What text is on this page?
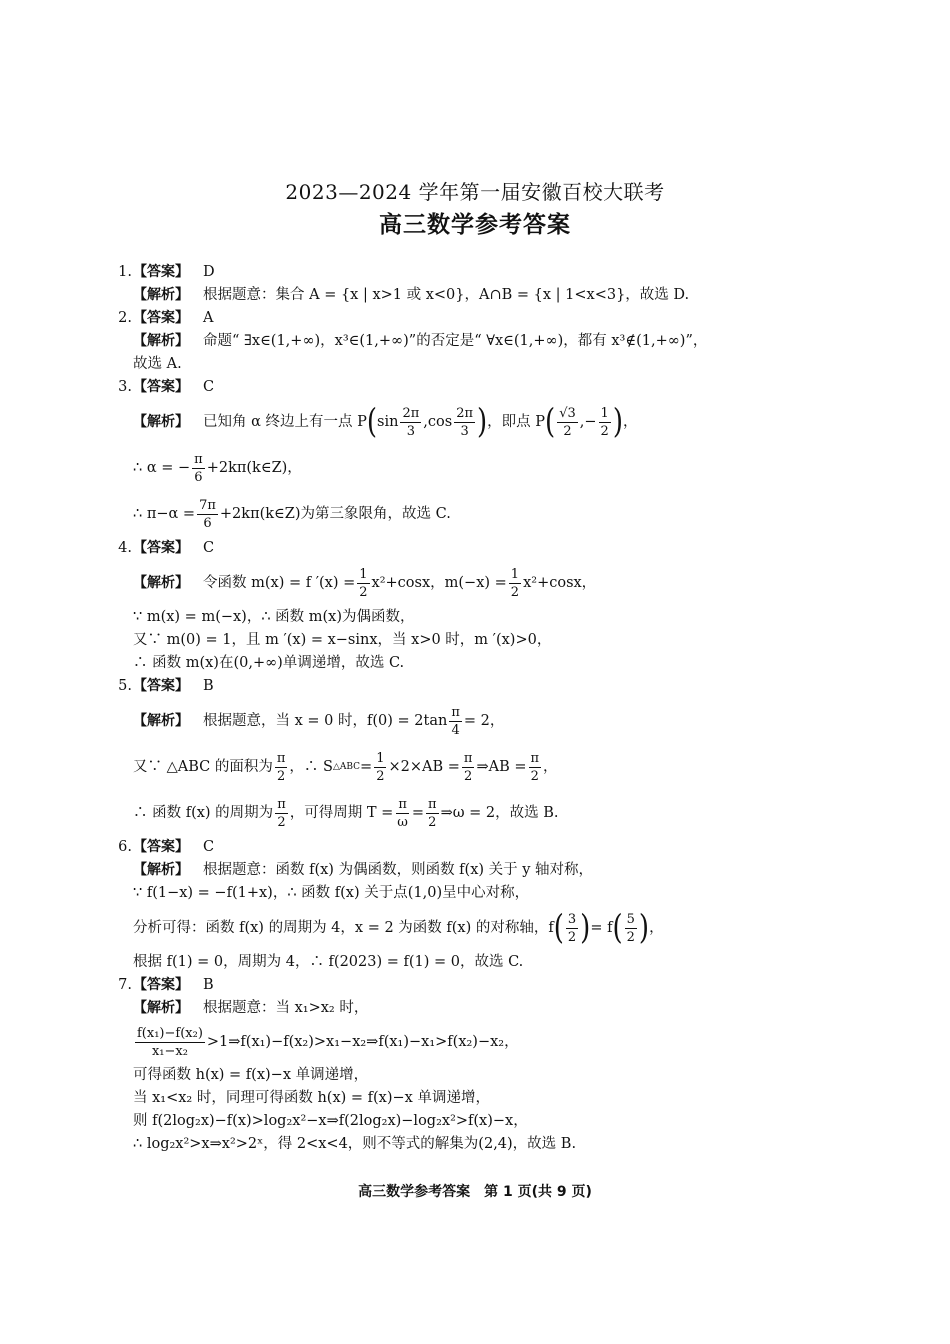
2023—2024 学年第一届安徽百校大联考
高三数学参考答案
1. 【答案】 D
【解析】 根据题意：集合 A = {x | x>1 或 x<0}，A∩B = {x | 1<x<3}，故选 D.
2. 【答案】 A
【解析】 命题“ ∃x∈(1,+∞)，x³∈(1,+∞)”的否定是“ ∀x∈(1,+∞)，都有 x³∉(1,+∞)”，
故选 A.
3. 【答案】 C
【解析】 已知角 α 终边上有一点 P ( $\sin \frac{2\pi}{3} ,\cos \frac{2\pi}{3}$ ) ，即点 P ( $\frac{√3}{2}$ ,− $\frac{1}{2}$ ) ，
∴ α = − $\frac{\pi}{6}$ +2kπ(k∈Z)，
∴ $\pi-\alpha = \frac{7\pi}{6}$ +2kπ(k∈Z)为第三象限角，故选 C.
4. 【答案】 C
【解析】 令函数 m(x) = f $'(x) = \frac{1}{2} x^2+\cos x$，$m(-x) = \frac{1}{2} x^2+\cos x$，
∵ m(x) = m(−x)，∴ 函数 m(x)为偶函数，
又∵ m(0) = 1，且 m ′(x) = x−sinx，当 x>0 时，m ′(x)>0，
∴ 函数 m(x)在(0,+∞)单调递增，故选 C.
5. 【答案】 B
【解析】 根据题意，当 x = 0 时，$f(0) = 2\tan \frac{\pi}{4} = 2$，
又∵ △ABC 的面积为 $\frac{\pi}{2}$ ，∴ S △ABC = $\frac{1}{2} \times 2\times AB = \frac{\pi}{2}$ ⇒AB = $\frac{\pi}{2}$ ，
∴ 函数 f(x) 的周期为 $\frac{\pi}{2}$ ，可得周期 $T = \frac{\pi}{\omega} = \frac{\pi}{2}$ ⇒ω = 2，故选 B.
6. 【答案】 C
【解析】 根据题意：函数 f(x) 为偶函数，则函数 f(x) 关于 y 轴对称，
∵ f(1−x) = −f(1+x)，∴ 函数 f(x) 关于点(1,0)呈中心对称，
分析可得：函数 f(x) 的周期为 4，x = 2 为函数 f(x) 的对称轴，f ( $\frac{3}{2}$ ) = f ( $\frac{5}{2}$ ) ，
根据 f(1) = 0，周期为 4，∴ f(2023) = f(1) = 0，故选 C.
7. 【答案】 B
【解析】 根据题意：当 x₁>x₂ 时，
$\frac{\text{f(x₁)−f(x₂)}}{\text{x₁−x₂}}$ >1⇒f(x₁)−f(x₂)>x₁−x₂⇒f(x₁)−x₁>f(x₂)−x₂，
可得函数 h(x) = f(x)−x 单调递增，
当 x₁<x₂ 时，同理可得函数 h(x) = f(x)−x 单调递增，
则 f(2log₂x)−f(x)>log₂x²−x⇒f(2log₂x)−log₂x²>f(x)−x，
∴ log₂x²>x⇒x²>2ˣ，得 2<x<4，则不等式的解集为(2,4)，故选 B.
高三数学参考答案　第 1 页(共 9 页)
